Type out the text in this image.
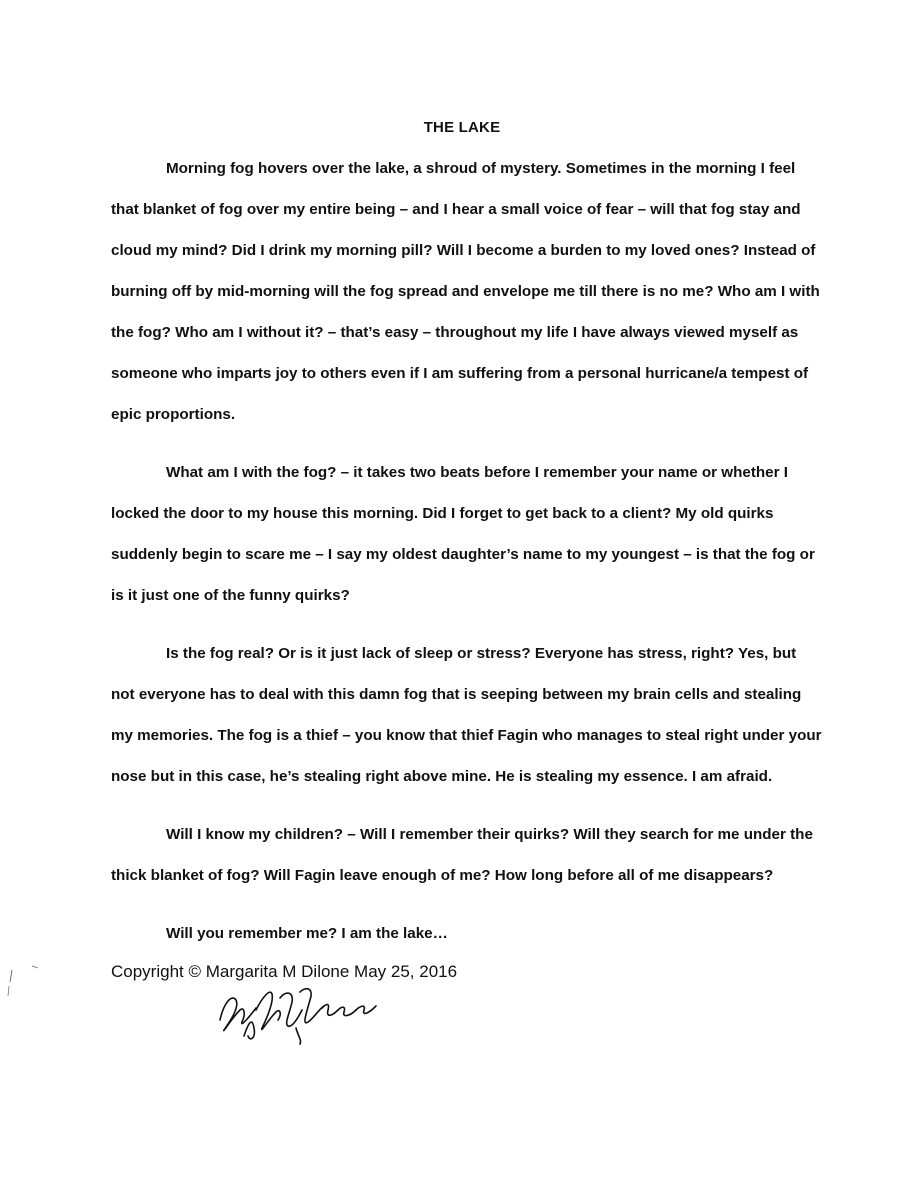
THE LAKE

Morning fog hovers over the lake, a shroud of mystery. Sometimes in the morning I feel that blanket of fog over my entire being – and I hear a small voice of fear – will that fog stay and cloud my mind? Did I drink my morning pill? Will I become a burden to my loved ones? Instead of burning off by mid-morning will the fog spread and envelope me till there is no me? Who am I with the fog? Who am I without it? – that’s easy – throughout my life I have always viewed myself as someone who imparts joy to others even if I am suffering from a personal hurricane/a tempest of epic proportions.

What am I with the fog? – it takes two beats before I remember your name or whether I locked the door to my house this morning. Did I forget to get back to a client? My old quirks suddenly begin to scare me – I say my oldest daughter’s name to my youngest – is that the fog or is it just one of the funny quirks?

Is the fog real? Or is it just lack of sleep or stress? Everyone has stress, right? Yes, but not everyone has to deal with this damn fog that is seeping between my brain cells and stealing my memories. The fog is a thief – you know that thief Fagin who manages to steal right under your nose but in this case, he’s stealing right above mine. He is stealing my essence. I am afraid.

Will I know my children? – Will I remember their quirks? Will they search for me under the thick blanket of fog? Will Fagin leave enough of me? How long before all of me disappears?

Will you remember me? I am the lake…

Copyright © Margarita M Dilone May 25, 2016
